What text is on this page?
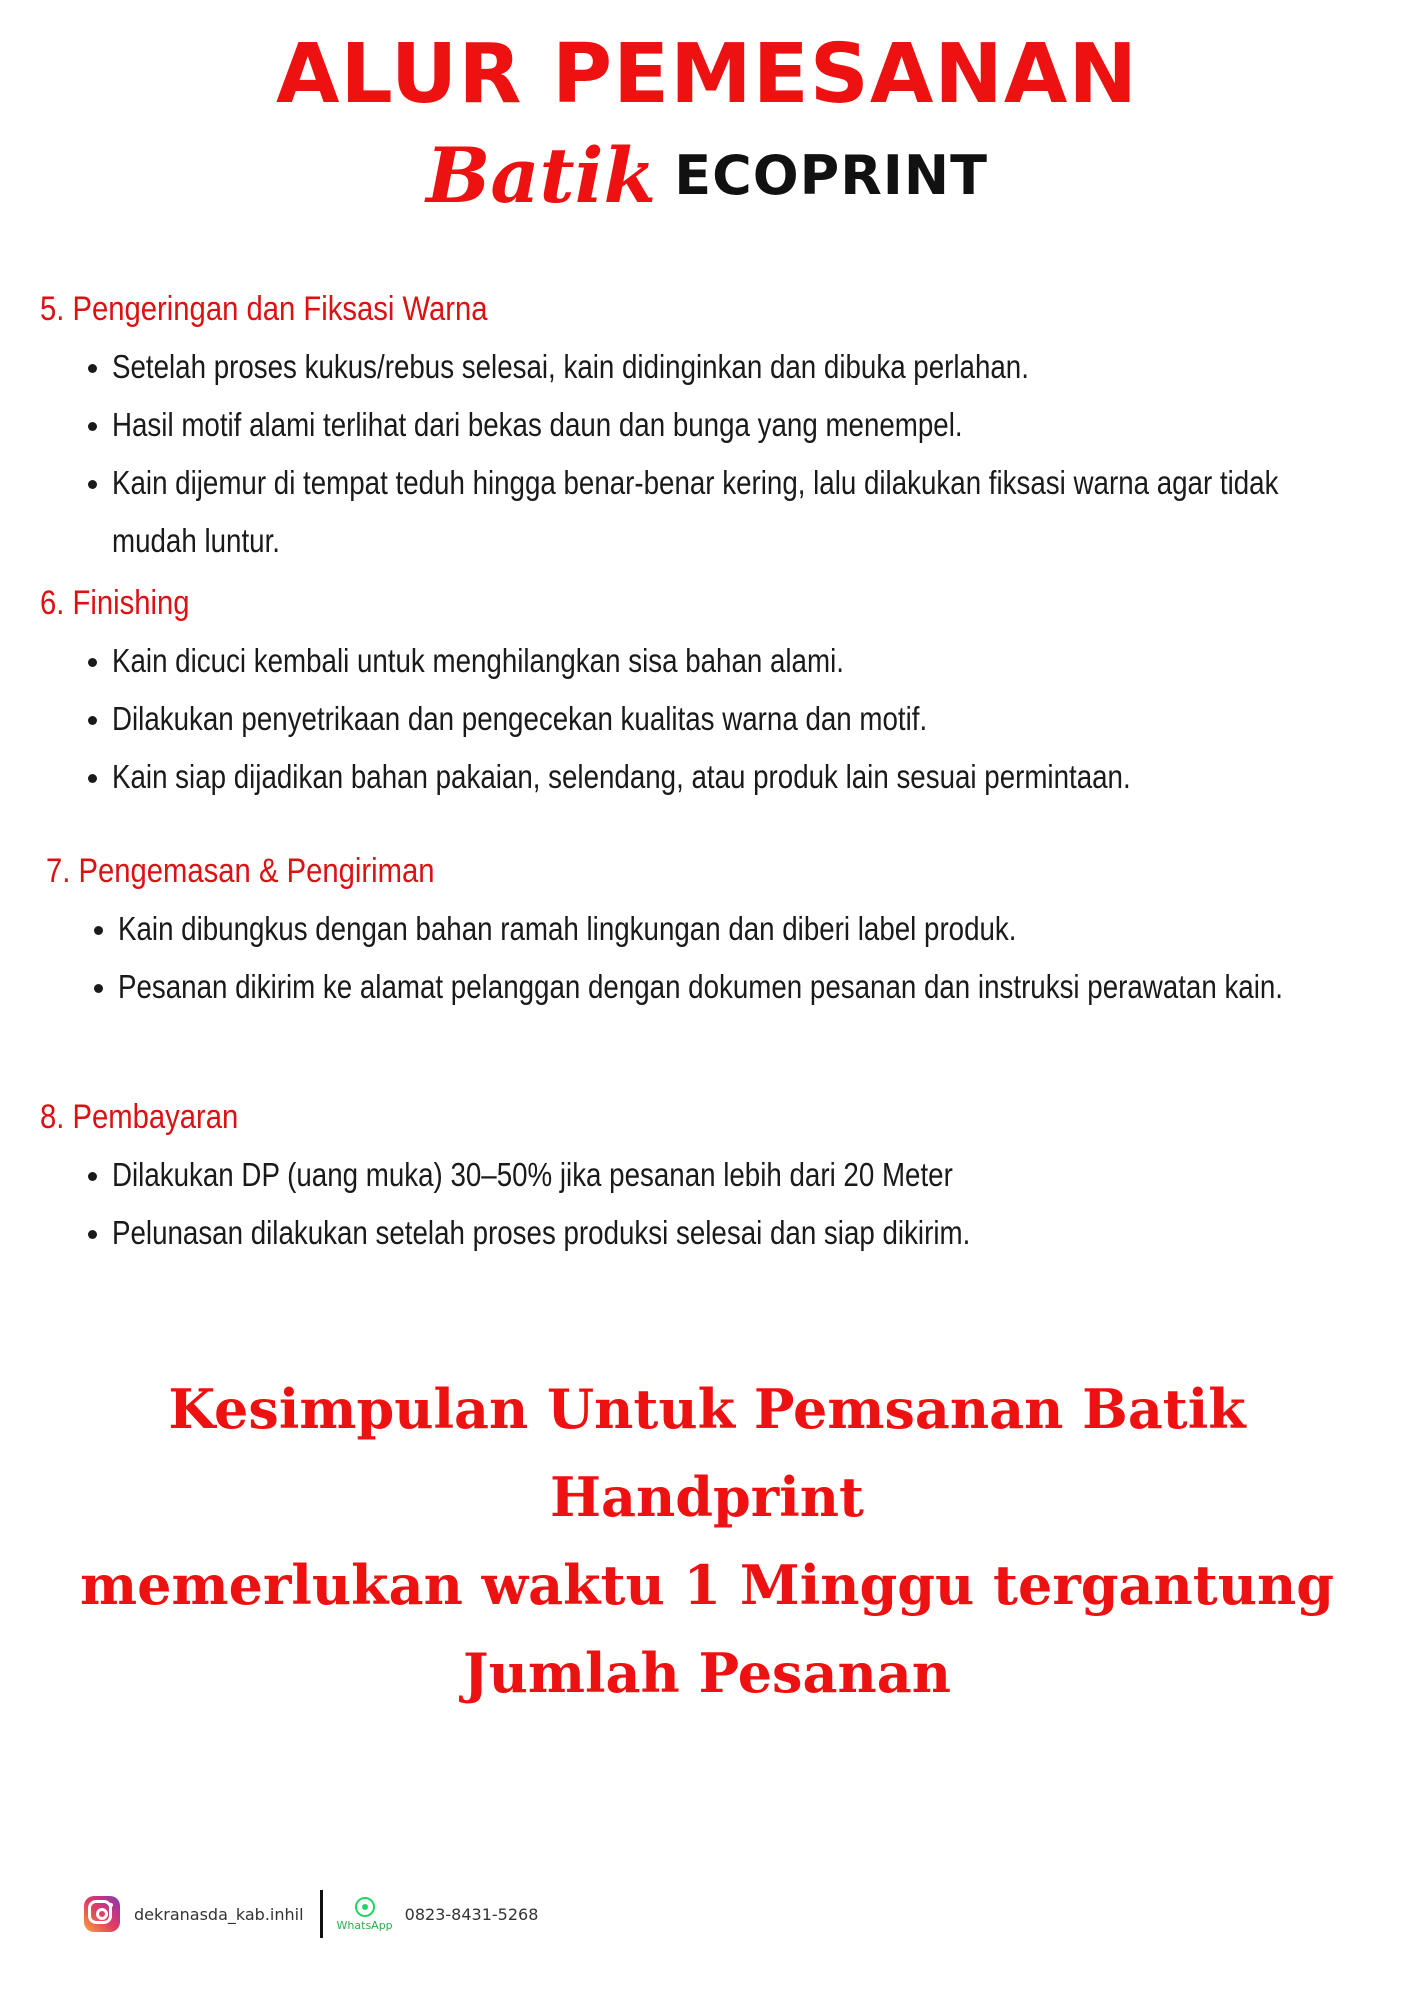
ALUR PEMESANAN
Batik ECOPRINT
5. Pengeringan dan Fiksasi Warna
Setelah proses kukus/rebus selesai, kain didinginkan dan dibuka perlahan.
Hasil motif alami terlihat dari bekas daun dan bunga yang menempel.
Kain dijemur di tempat teduh hingga benar-benar kering, lalu dilakukan fiksasi warna agar tidak mudah luntur.
6. Finishing
Kain dicuci kembali untuk menghilangkan sisa bahan alami.
Dilakukan penyetrikaan dan pengecekan kualitas warna dan motif.
Kain siap dijadikan bahan pakaian, selendang, atau produk lain sesuai permintaan.
7. Pengemasan & Pengiriman
Kain dibungkus dengan bahan ramah lingkungan dan diberi label produk.
Pesanan dikirim ke alamat pelanggan dengan dokumen pesanan dan instruksi perawatan kain.
8. Pembayaran
Dilakukan DP (uang muka) 30–50% jika pesanan lebih dari 20 Meter
Pelunasan dilakukan setelah proses produksi selesai dan siap dikirim.
Kesimpulan Untuk Pemsanan Batik Handprint
memerlukan waktu 1 Minggu tergantung
Jumlah Pesanan
dekranasda_kab.inhil
WhatsApp
0823-8431-5268
